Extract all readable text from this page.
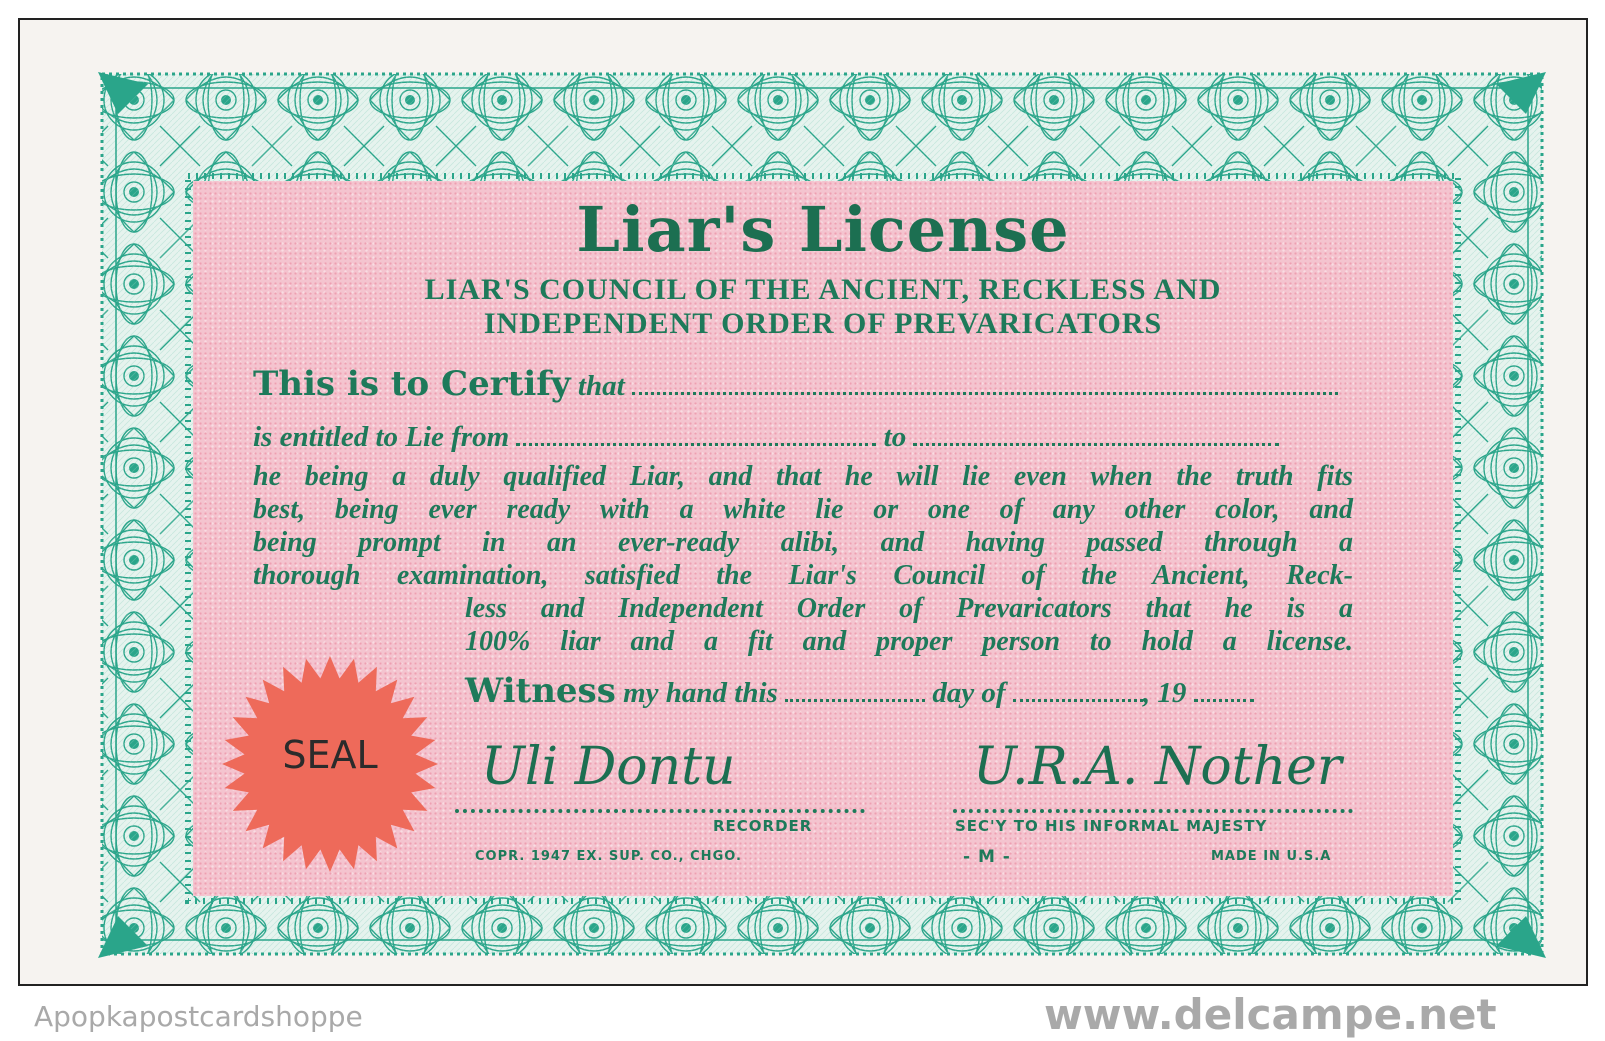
Liar's License
LIAR'S COUNCIL OF THE ANCIENT, RECKLESS AND
INDEPENDENT ORDER OF PREVARICATORS
This is to Certify that
is entitled to Lie from	to
he being a duly qualified Liar, and that he will lie even when the truth fits
best, being ever ready with a white lie or one of any other color, and
being prompt in an ever-ready alibi, and having passed through a
thorough examination, satisfied the Liar's Council of the Ancient, Reck-
less and Independent Order of Prevaricators that he is a
100% liar and a fit and proper person to hold a license.
Witness my hand this	day of	, 19
SEAL	Uli Dontu
RECORDER
U.R.A. Nother
SEC'Y TO HIS INFORMAL MAJESTY
COPR. 1947 EX. SUP. CO., CHGO.	- M -	MADE IN U.S.A
Apopkapostcardshoppe	www.delcampe.net
